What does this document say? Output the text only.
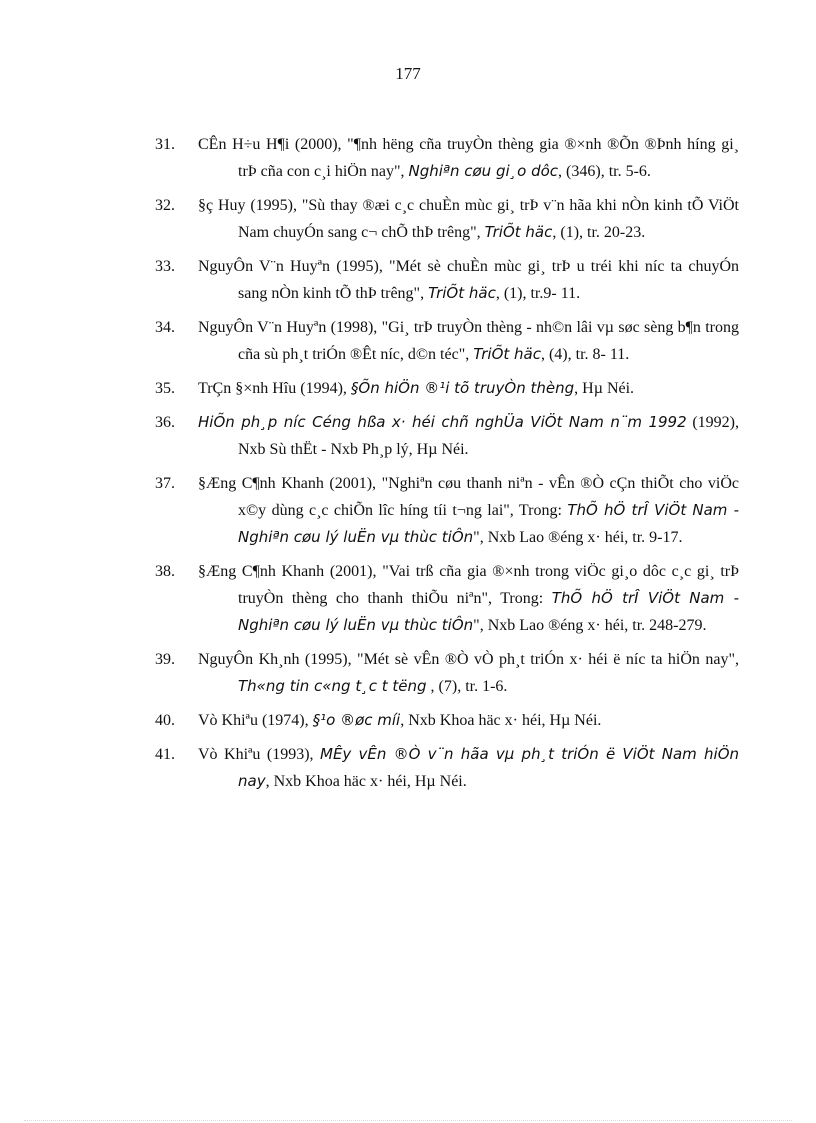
177
31.	CÊn H÷u H¶i (2000), "¶nh hëng cña truyÒn thèng gia ®×nh ®Õn ®Þnh híng gi¸ trÞ cña con c¸i hiÖn nay", Nghiªn cøu gi¸o dôc, (346), tr. 5-6.
32.	§ç Huy (1995), "Sù thay ®æi c¸c chuÈn mùc gi¸ trÞ v¨n hãa khi nÒn kinh tÕ ViÖt Nam chuyÓn sang c¬ chÕ thÞ trêng", TriÕt häc, (1), tr. 20-23.
33.	NguyÔn V¨n Huyªn (1995), "Mét sè chuÈn mùc gi¸ trÞ u tréi khi níc ta chuyÓn sang nÒn kinh tÕ thÞ trêng", TriÕt häc, (1), tr.9- 11.
34.	NguyÔn V¨n Huyªn (1998), "Gi¸ trÞ truyÒn thèng - nh©n lâi vµ søc sèng b¶n trong cña sù ph¸t triÓn ®Êt níc, d©n téc", TriÕt häc, (4), tr. 8- 11.
35.	TrÇn §×nh Hîu (1994), §Õn hiÖn ®¹i tõ truyÒn thèng, Hµ Néi.
36.	HiÕn ph¸p níc Céng hßa x· héi chñ nghÜa ViÖt Nam n¨m 1992 (1992), Nxb Sù thËt - Nxb Ph¸p lý, Hµ Néi.
37.	§Æng C¶nh Khanh (2001), "Nghiªn cøu thanh niªn - vÊn ®Ò cÇn thiÕt cho viÖc x©y dùng c¸c chiÕn lîc híng tíi t¬ng lai", Trong: ThÕ hÖ trÎ ViÖt Nam - Nghiªn cøu lý luËn vµ thùc tiÔn", Nxb Lao ®éng x· héi, tr. 9-17.
38.	§Æng C¶nh Khanh (2001), "Vai trß cña gia ®×nh trong viÖc gi¸o dôc c¸c gi¸ trÞ truyÒn thèng cho thanh thiÕu niªn", Trong: ThÕ hÖ trÎ ViÖt Nam - Nghiªn cøu lý luËn vµ thùc tiÔn", Nxb Lao ®éng x· héi, tr. 248-279.
39.	NguyÔn Kh¸nh (1995), "Mét sè vÊn ®Ò vÒ ph¸t triÓn x· héi ë níc ta hiÖn nay", Th«ng tin c«ng t¸c t tëng , (7), tr. 1-6.
40.	Vò Khiªu (1974), §¹o ®øc míi, Nxb Khoa häc x· héi, Hµ Néi.
41.	Vò Khiªu (1993), MÊy vÊn ®Ò v¨n hãa vµ ph¸t triÓn ë ViÖt Nam hiÖn nay, Nxb Khoa häc x· héi, Hµ Néi.
